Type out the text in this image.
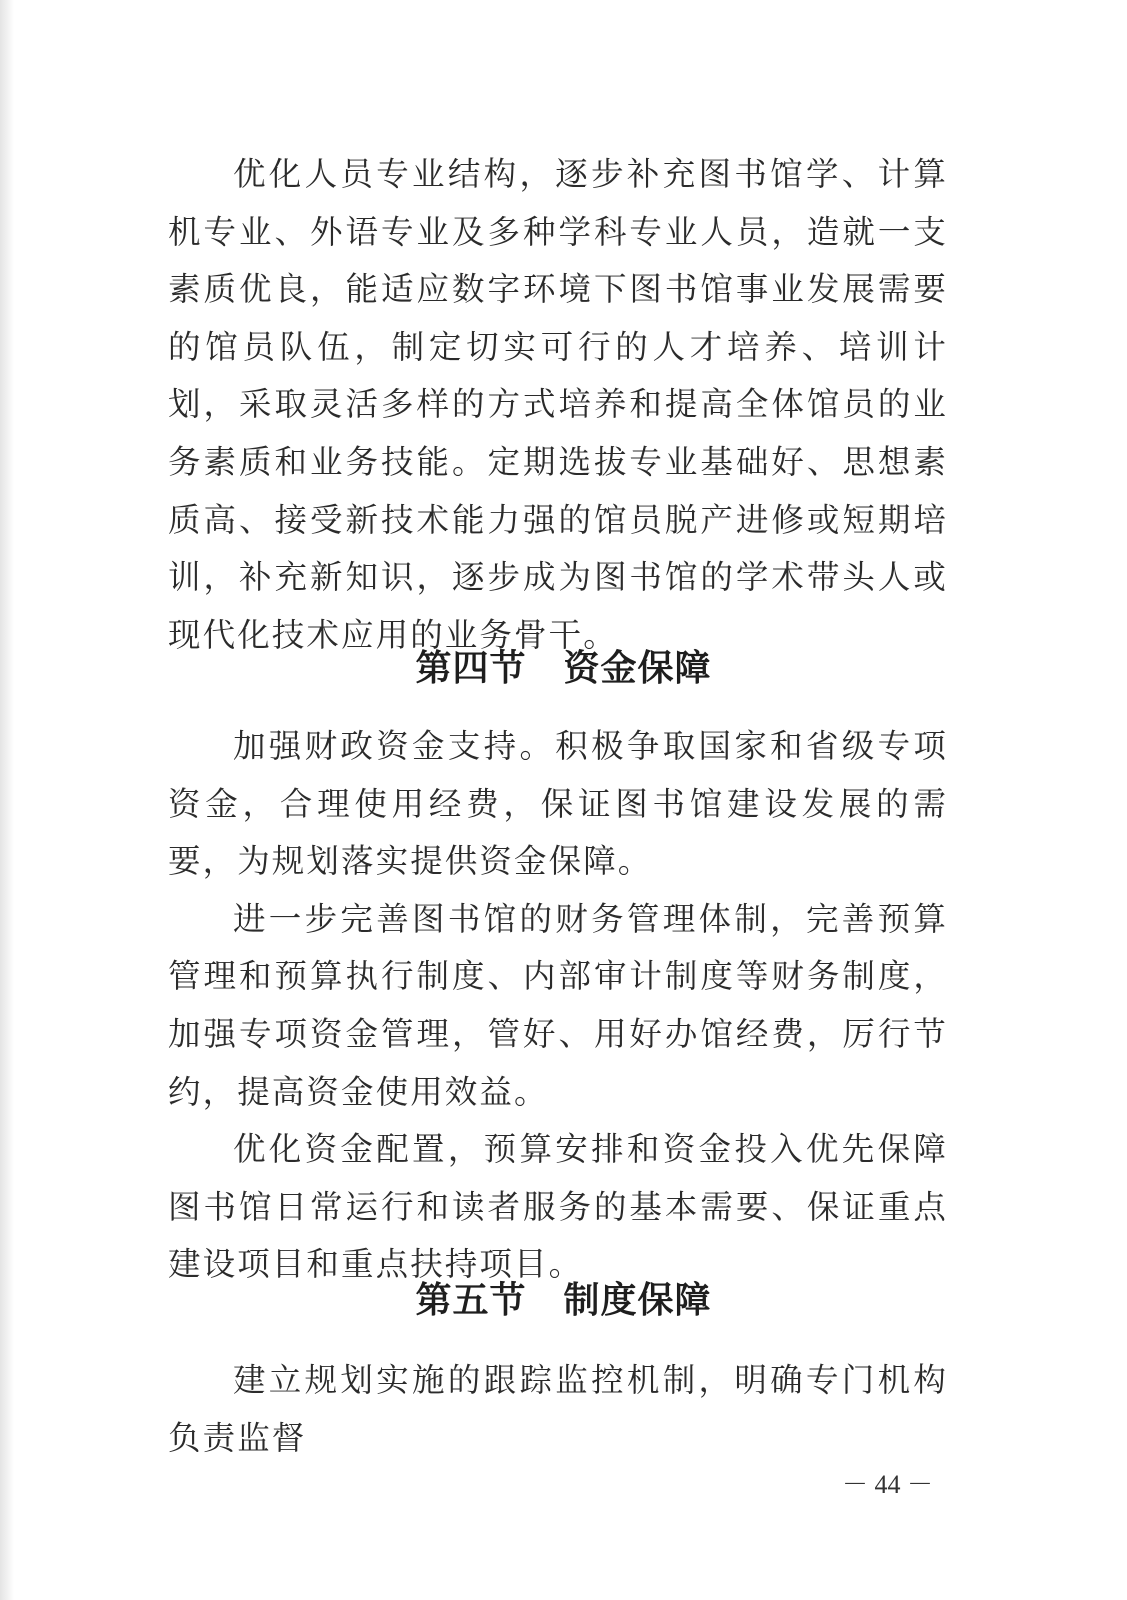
优化人员专业结构，逐步补充图书馆学、计算机专业、外语专业及多种学科专业人员，造就一支素质优良，能适应数字环境下图书馆事业发展需要的馆员队伍，制定切实可行的人才培养、培训计划，采取灵活多样的方式培养和提高全体馆员的业务素质和业务技能。定期选拔专业基础好、思想素质高、接受新技术能力强的馆员脱产进修或短期培训，补充新知识，逐步成为图书馆的学术带头人或现代化技术应用的业务骨干。

第四节　资金保障

加强财政资金支持。积极争取国家和省级专项资金，合理使用经费，保证图书馆建设发展的需要，为规划落实提供资金保障。

进一步完善图书馆的财务管理体制，完善预算管理和预算执行制度、内部审计制度等财务制度，加强专项资金管理，管好、用好办馆经费，厉行节约，提高资金使用效益。

优化资金配置，预算安排和资金投入优先保障图书馆日常运行和读者服务的基本需要、保证重点建设项目和重点扶持项目。

第五节　制度保障

建立规划实施的跟踪监控机制，明确专门机构负责监督

－ 44 －
